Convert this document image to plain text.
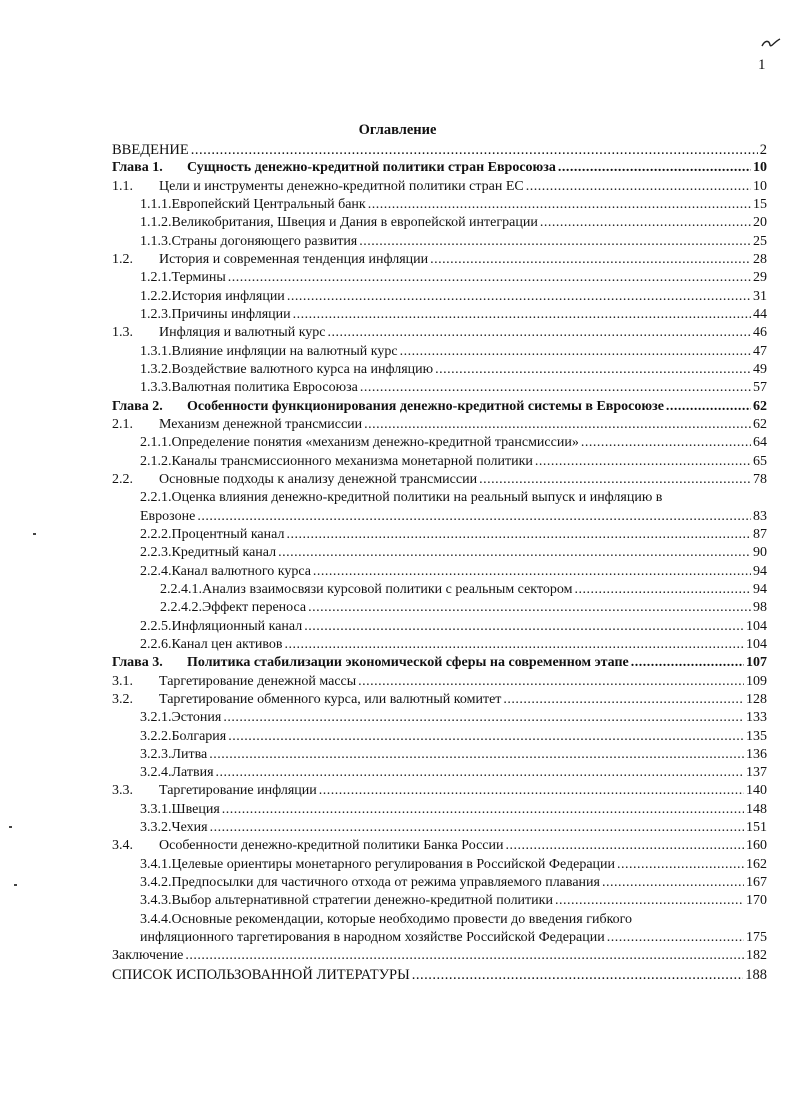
1
Оглавление
ВВЕДЕНИЕ .....	2
Глава 1.	Сущность денежно-кредитной политики стран Евросоюза .....	10
1.1.	Цели и инструменты денежно-кредитной политики стран ЕС .....	10
1.1.1. Европейский Центральный банк .....	15
1.1.2. Великобритания, Швеция и Дания в европейской интеграции .....	20
1.1.3. Страны догоняющего развития .....	25
1.2.	История и современная тенденция инфляции .....	28
1.2.1. Термины .....	29
1.2.2. История инфляции .....	31
1.2.3. Причины инфляции .....	44
1.3.	Инфляция и валютный курс .....	46
1.3.1. Влияние инфляции на валютный курс .....	47
1.3.2. Воздействие валютного курса на инфляцию .....	49
1.3.3. Валютная политика Евросоюза .....	57
Глава 2.	Особенности функционирования денежно-кредитной системы в Евросоюзе .....	62
2.1.	Механизм денежной трансмиссии .....	62
2.1.1. Определение понятия «механизм денежно-кредитной трансмиссии» .....	64
2.1.2. Каналы трансмиссионного механизма монетарной политики .....	65
2.2.	Основные подходы к анализу денежной трансмиссии .....	78
2.2.1.Оценка влияния денежно-кредитной политики на реальный выпуск и инфляцию в
Еврозоне .....	83
2.2.2. Процентный канал .....	87
2.2.3. Кредитный канал .....	90
2.2.4. Канал валютного курса .....	94
2.2.4.1. Анализ взаимосвязи курсовой политики с реальным сектором .....	94
2.2.4.2. Эффект переноса .....	98
2.2.5. Инфляционный канал .....	104
2.2.6. Канал цен активов .....	104
Глава 3.	Политика стабилизации экономической сферы на современном этапе .....	107
3.1.	Таргетирование денежной массы .....	109
3.2.	Таргетирование обменного курса, или валютный комитет .....	128
3.2.1. Эстония .....	133
3.2.2. Болгария .....	135
3.2.3. Литва .....	136
3.2.4. Латвия .....	137
3.3.	Таргетирование инфляции .....	140
3.3.1. Швеция .....	148
3.3.2. Чехия .....	151
3.4.	Особенности денежно-кредитной политики Банка России .....	160
3.4.1. Целевые ориентиры монетарного регулирования в Российской Федерации .....	162
3.4.2. Предпосылки для частичного отхода от режима управляемого плавания .....	167
3.4.3. Выбор альтернативной стратегии денежно-кредитной политики .....	170
3.4.4.Основные рекомендации, которые необходимо провести до введения гибкого
инфляционного таргетирования в народном хозяйстве Российской Федерации .....	175
Заключение .....	182
СПИСОК ИСПОЛЬЗОВАННОЙ ЛИТЕРАТУРЫ .....	188
